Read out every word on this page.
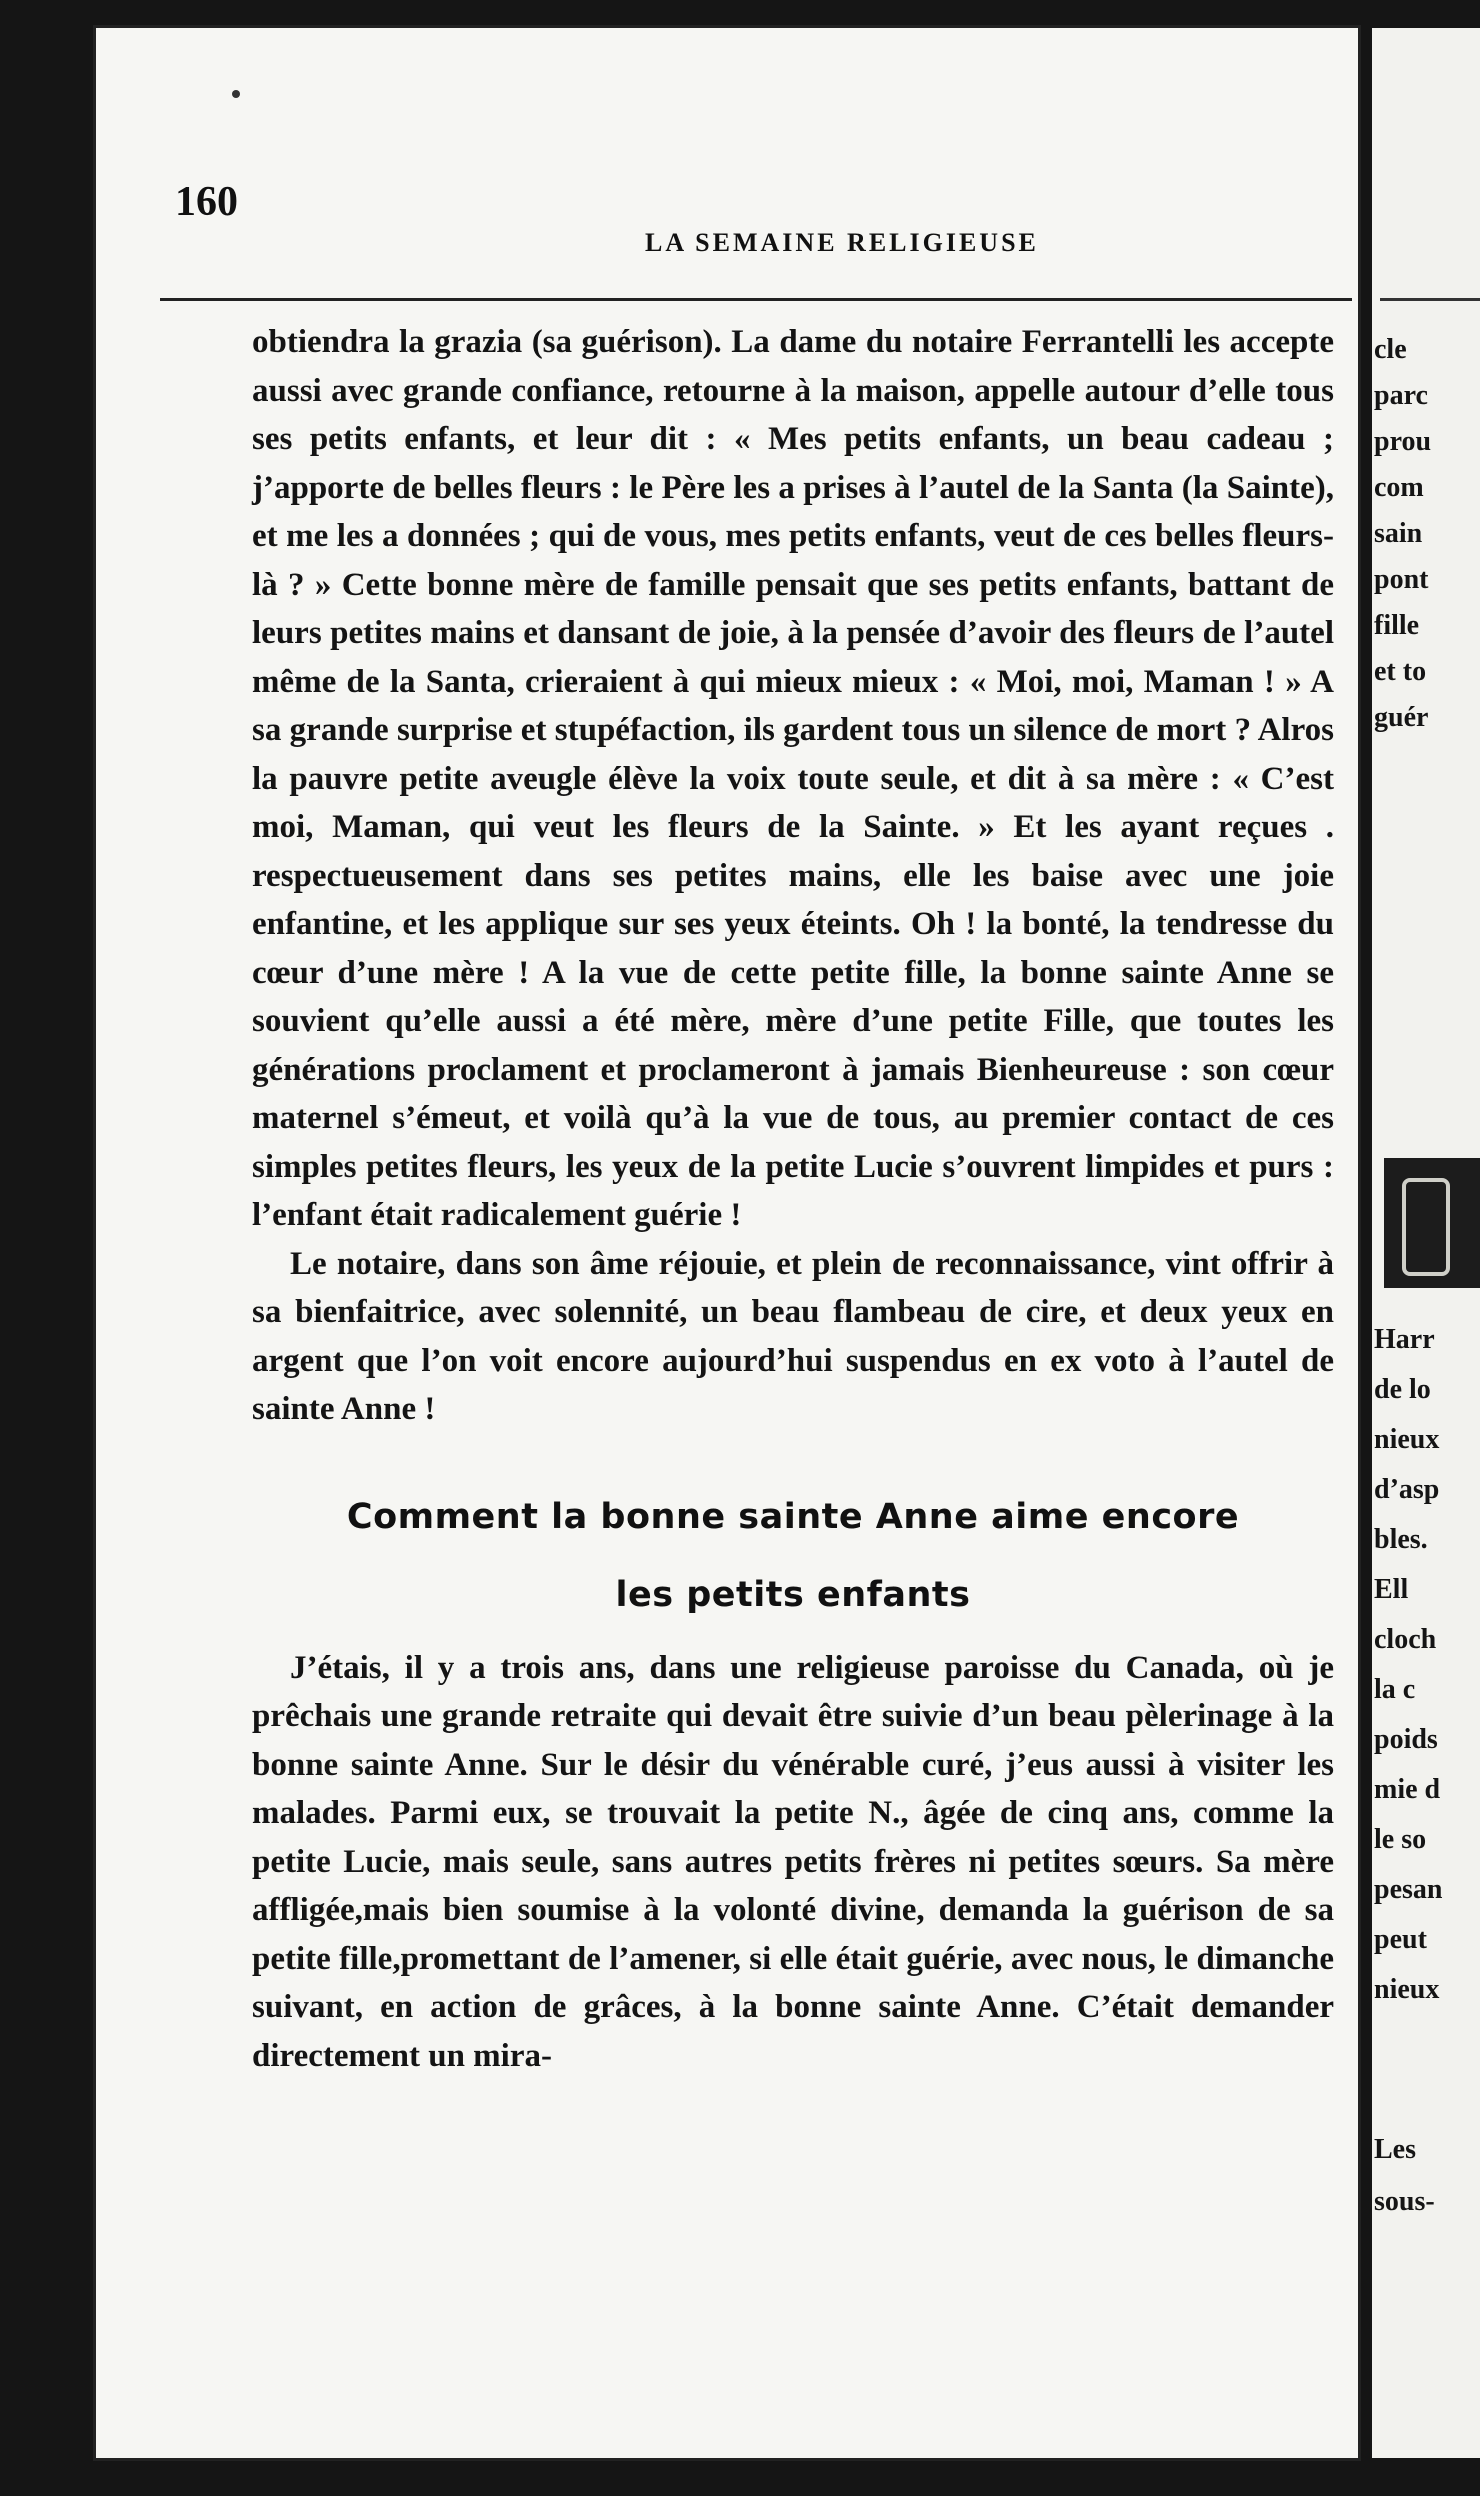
160
LA SEMAINE RELIGIEUSE

obtiendra la grazia (sa guérison). La dame du notaire Ferrantelli les accepte aussi avec grande confiance, retourne à la maison, appelle autour d’elle tous ses petits enfants, et leur dit : « Mes petits enfants, un beau cadeau ; j’apporte de belles fleurs : le Père les a prises à l’autel de la Santa (la Sainte), et me les a données ; qui de vous, mes petits enfants, veut de ces belles fleurs-là ? » Cette bonne mère de famille pensait que ses petits enfants, battant de leurs petites mains et dansant de joie, à la pensée d’avoir des fleurs de l’autel même de la Santa, crieraient à qui mieux mieux : « Moi, moi, Maman ! » A sa grande surprise et stupéfaction, ils gardent tous un silence de mort ? Alros la pauvre petite aveugle élève la voix toute seule, et dit à sa mère : « C’est moi, Maman, qui veut les fleurs de la Sainte. » Et les ayant reçues . respectueusement dans ses petites mains, elle les baise avec une joie enfantine, et les applique sur ses yeux éteints. Oh ! la bonté, la tendresse du cœur d’une mère ! A la vue de cette petite fille, la bonne sainte Anne se souvient qu’elle aussi a été mère, mère d’une petite Fille, que toutes les générations proclament et proclameront à jamais Bienheureuse : son cœur maternel s’émeut, et voilà qu’à la vue de tous, au premier contact de ces simples petites fleurs, les yeux de la petite Lucie s’ouvrent limpides et purs : l’enfant était radicalement guérie !

Le notaire, dans son âme réjouie, et plein de reconnaissance, vint offrir à sa bienfaitrice, avec solennité, un beau flambeau de cire, et deux yeux en argent que l’on voit encore aujourd’hui suspendus en ex voto à l’autel de sainte Anne !

Comment la bonne sainte Anne aime encore
les petits enfants

J’étais, il y a trois ans, dans une religieuse paroisse du Canada, où je prêchais une grande retraite qui devait être suivie d’un beau pèlerinage à la bonne sainte Anne. Sur le désir du vénérable curé, j’eus aussi à visiter les malades. Parmi eux, se trouvait la petite N., âgée de cinq ans, comme la petite Lucie, mais seule, sans autres petits frères ni petites sœurs. Sa mère affligée,mais bien soumise à la volonté divine, demanda la guérison de sa petite fille,promettant de l’amener, si elle était guérie, avec nous, le dimanche suivant, en action de grâces, à la bonne sainte Anne. C’était demander directement un mira-

cle
parc
prou
com
sain
pont
fille
et to
guér
Harr
de lo
nieux
d’asp
bles.
Ell
cloch
la c
poids
mie d
le so
pesan
peut
nieux
Les
sous-
